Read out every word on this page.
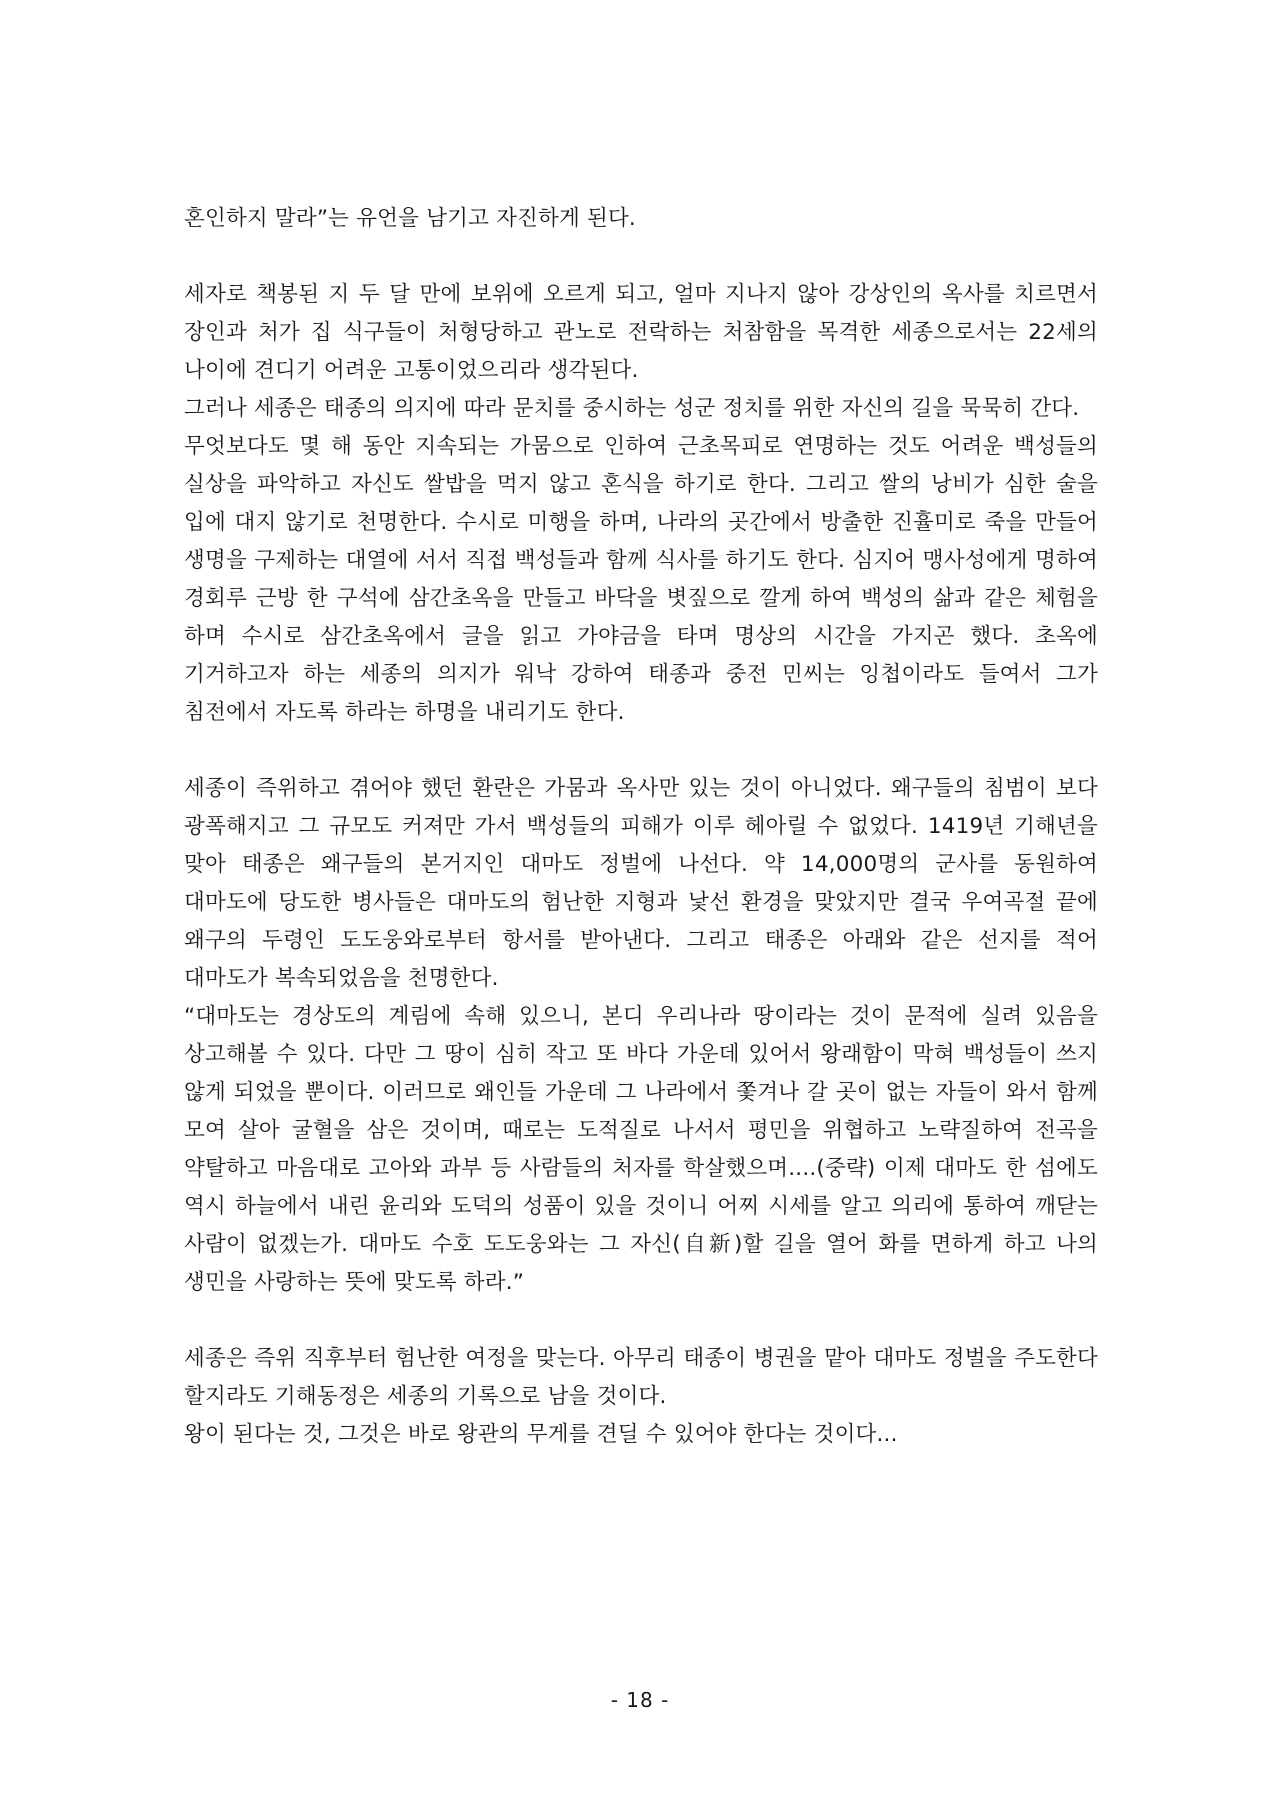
혼인하지 말라”는 유언을 남기고 자진하게 된다.

세자로 책봉된 지 두 달 만에 보위에 오르게 되고, 얼마 지나지 않아 강상인의 옥사를 치르면서 장인과 처가 집 식구들이 처형당하고 관노로 전락하는 처참함을 목격한 세종으로서는 22세의 나이에 견디기 어려운 고통이었으리라 생각된다.

그러나 세종은 태종의 의지에 따라 문치를 중시하는 성군 정치를 위한 자신의 길을 묵묵히 간다.

무엇보다도 몇 해 동안 지속되는 가뭄으로 인하여 근초목피로 연명하는 것도 어려운 백성들의 실상을 파악하고 자신도 쌀밥을 먹지 않고 혼식을 하기로 한다. 그리고 쌀의 낭비가 심한 술을 입에 대지 않기로 천명한다. 수시로 미행을 하며, 나라의 곳간에서 방출한 진휼미로 죽을 만들어 생명을 구제하는 대열에 서서 직접 백성들과 함께 식사를 하기도 한다. 심지어 맹사성에게 명하여 경회루 근방 한 구석에 삼간초옥을 만들고 바닥을 볏짚으로 깔게 하여 백성의 삶과 같은 체험을 하며 수시로 삼간초옥에서 글을 읽고 가야금을 타며 명상의 시간을 가지곤 했다. 초옥에 기거하고자 하는 세종의 의지가 워낙 강하여 태종과 중전 민씨는 잉첩이라도 들여서 그가 침전에서 자도록 하라는 하명을 내리기도 한다.

세종이 즉위하고 겪어야 했던 환란은 가뭄과 옥사만 있는 것이 아니었다. 왜구들의 침범이 보다 광폭해지고 그 규모도 커져만 가서 백성들의 피해가 이루 헤아릴 수 없었다. 1419년 기해년을 맞아 태종은 왜구들의 본거지인 대마도 정벌에 나선다. 약 14,000명의 군사를 동원하여 대마도에 당도한 병사들은 대마도의 험난한 지형과 낯선 환경을 맞았지만 결국 우여곡절 끝에 왜구의 두령인 도도웅와로부터 항서를 받아낸다. 그리고 태종은 아래와 같은 선지를 적어 대마도가 복속되었음을 천명한다.

“대마도는 경상도의 계림에 속해 있으니, 본디 우리나라 땅이라는 것이 문적에 실려 있음을 상고해볼 수 있다. 다만 그 땅이 심히 작고 또 바다 가운데 있어서 왕래함이 막혀 백성들이 쓰지 않게 되었을 뿐이다. 이러므로 왜인들 가운데 그 나라에서 쫓겨나 갈 곳이 없는 자들이 와서 함께 모여 살아 굴혈을 삼은 것이며, 때로는 도적질로 나서서 평민을 위협하고 노략질하여 전곡을 약탈하고 마음대로 고아와 과부 등 사람들의 처자를 학살했으며....(중략) 이제 대마도 한 섬에도 역시 하늘에서 내린 윤리와 도덕의 성품이 있을 것이니 어찌 시세를 알고 의리에 통하여 깨닫는 사람이 없겠는가. 대마도 수호 도도웅와는 그 자신(自新)할 길을 열어 화를 면하게 하고 나의 생민을 사랑하는 뜻에 맞도록 하라.”

세종은 즉위 직후부터 험난한 여정을 맞는다. 아무리 태종이 병권을 맡아 대마도 정벌을 주도한다 할지라도 기해동정은 세종의 기록으로 남을 것이다.

왕이 된다는 것, 그것은 바로 왕관의 무게를 견딜 수 있어야 한다는 것이다...

- 18 -
